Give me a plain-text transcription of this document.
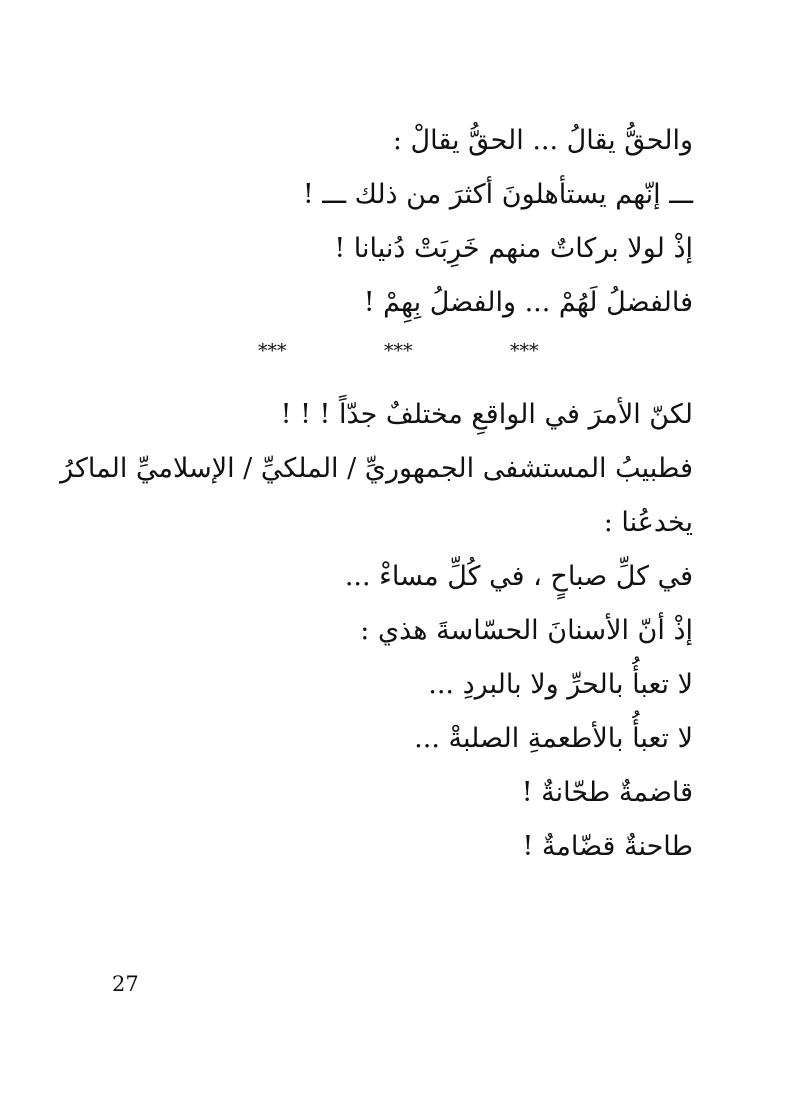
والحقُّ يقالُ ... الحقُّ يقالْ :
ـــ إنّهم يستأهلونَ أكثرَ من ذلك ـــ !
إذْ لولا بركاتٌ منهم خَرِبَتْ دُنيانا !
فالفضلُ لَهُمْ ... والفضلُ بِهِمْ !
***	***	***
لكنّ الأمرَ في الواقعِ مختلفٌ جدّاً ! ! !
فطبيبُ المستشفى الجمهوريِّ / الملكيِّ / الإسلاميِّ الماكرُ
يخدعُنا :
في كلِّ صباحٍ ، في كُلِّ مساءْ ...
إذْ أنّ الأسنانَ الحسّاسةَ هذي :
لا تعبأُ بالحرِّ ولا بالبردِ ...
لا تعبأُ بالأطعمةِ الصلبةْ ...
قاضمةٌ طحّانةٌ !
طاحنةٌ قضّامةٌ !
27
